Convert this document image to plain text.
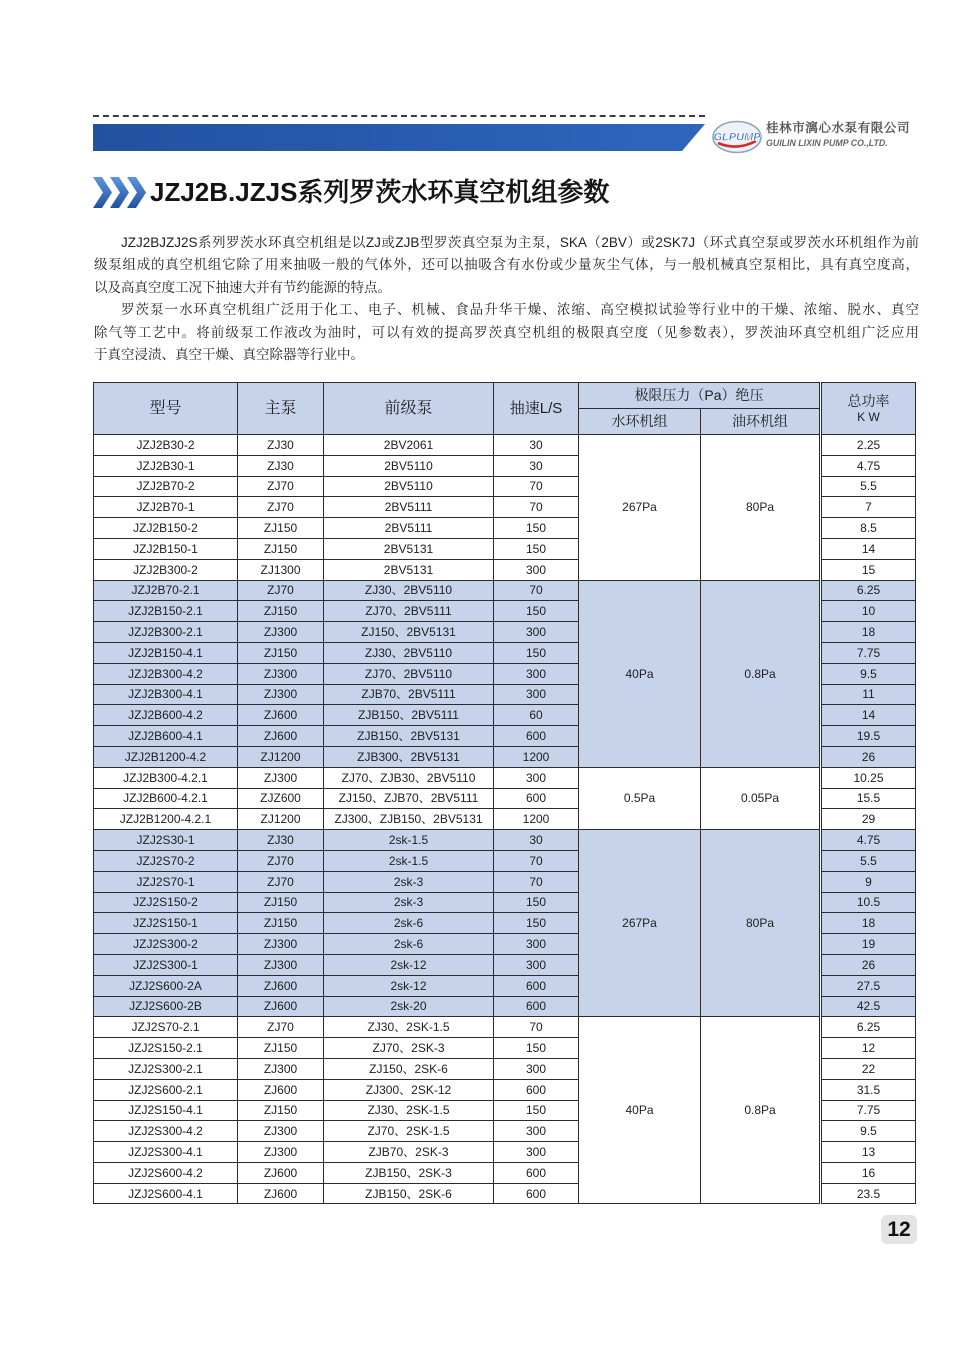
GLPUMP
桂林市漓心水泵有限公司
GUILIN LIXIN PUMP CO.,LTD.
JZJ2B.JZJS系列罗茨水环真空机组参数
JZJ2BJZJ2S系列罗茨水环真空机组是以ZJ或ZJB型罗茨真空泵为主泵，SKA（2BV）或2SK7J（环式真空泵或罗茨水环机组作为前
级泵组成的真空机组它除了用来抽吸一般的气体外，还可以抽吸含有水份或少量灰尘气体，与一般机械真空泵相比，具有真空度高，
以及高真空度工况下抽速大并有节约能源的特点。
罗茨泵一水环真空机组广泛用于化工、电子、机械、食品升华干燥、浓缩、高空模拟试验等行业中的干燥、浓缩、脱水、真空
除气等工艺中。将前级泵工作液改为油时，可以有效的提高罗茨真空机组的极限真空度（见参数表），罗茨油环真空机组广泛应用
于真空浸渍、真空干燥、真空除器等行业中。
型号	主泵	前级泵	抽速L/S	极限压力（Pa）绝压		总功率
K W

				水环机组	油环机组	
JZJ2B30-2	ZJ30	2BV2061	30	267Pa	80Pa	2.25
JZJ2B30-1	ZJ30	2BV5110	30			4.75
JZJ2B70-2	ZJ70	2BV5110	70			5.5
JZJ2B70-1	ZJ70	2BV5111	70			7
JZJ2B150-2	ZJ150	2BV5111	150			8.5
JZJ2B150-1	ZJ150	2BV5131	150			14
JZJ2B300-2	ZJ1300	2BV5131	300			15
JZJ2B70-2.1	ZJ70	ZJ30、2BV5110	70	40Pa	0.8Pa	6.25
JZJ2B150-2.1	ZJ150	ZJ70、2BV5111	150			10
JZJ2B300-2.1	ZJ300	ZJ150、2BV5131	300			18
JZJ2B150-4.1	ZJ150	ZJ30、2BV5110	150			7.75
JZJ2B300-4.2	ZJ300	ZJ70、2BV5110	300			9.5
JZJ2B300-4.1	ZJ300	ZJB70、2BV5111	300			11
JZJ2B600-4.2	ZJ600	ZJB150、2BV5111	60			14
JZJ2B600-4.1	ZJ600	ZJB150、2BV5131	600			19.5
JZJ2B1200-4.2	ZJ1200	ZJB300、2BV5131	1200			26
JZJ2B300-4.2.1	ZJ300	ZJ70、ZJB30、2BV5110	300	0.5Pa	0.05Pa	10.25
JZJ2B600-4.2.1	ZJZ600	ZJ150、ZJB70、2BV5111	600			15.5
JZJ2B1200-4.2.1	ZJ1200	ZJ300、ZJB150、2BV5131	1200			29
JZJ2S30-1	ZJ30	2sk-1.5	30	267Pa	80Pa	4.75
JZJ2S70-2	ZJ70	2sk-1.5	70			5.5
JZJ2S70-1	ZJ70	2sk-3	70			9
JZJ2S150-2	ZJ150	2sk-3	150			10.5
JZJ2S150-1	ZJ150	2sk-6	150			18
JZJ2S300-2	ZJ300	2sk-6	300			19
JZJ2S300-1	ZJ300	2sk-12	300			26
JZJ2S600-2A	ZJ600	2sk-12	600			27.5
JZJ2S600-2B	ZJ600	2sk-20	600			42.5
JZJ2S70-2.1	ZJ70	ZJ30、2SK-1.5	70	40Pa	0.8Pa	6.25
JZJ2S150-2.1	ZJ150	ZJ70、2SK-3	150			12
JZJ2S300-2.1	ZJ300	ZJ150、2SK-6	300			22
JZJ2S600-2.1	ZJ600	ZJ300、2SK-12	600			31.5
JZJ2S150-4.1	ZJ150	ZJ30、2SK-1.5	150			7.75
JZJ2S300-4.2	ZJ300	ZJ70、2SK-1.5	300			9.5
JZJ2S300-4.1	ZJ300	ZJB70、2SK-3	300			13
JZJ2S600-4.2	ZJ600	ZJB150、2SK-3	600			16
JZJ2S600-4.1	ZJ600	ZJB150、2SK-6	600			23.5
12
